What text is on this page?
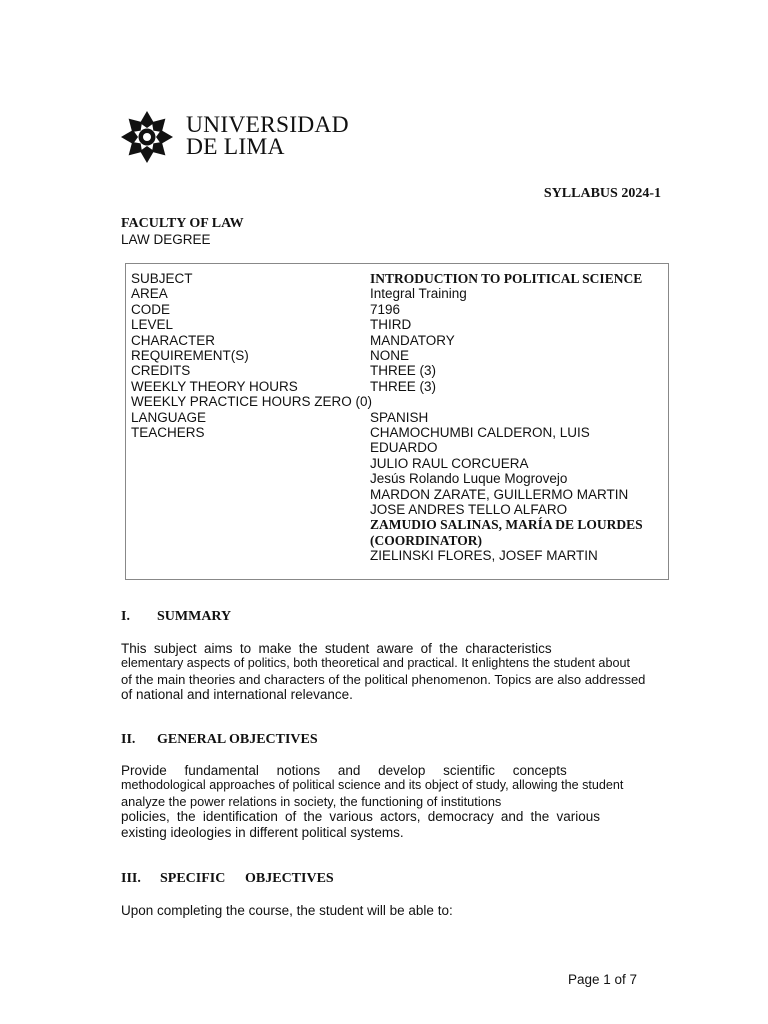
UNIVERSIDAD
DE LIMA
SYLLABUS 2024-1
FACULTY OF LAW
LAW DEGREE
SUBJECT
AREA
CODE
LEVEL
CHARACTER
REQUIREMENT(S)
CREDITS
WEEKLY THEORY HOURS
WEEKLY PRACTICE HOURS ZERO (0)
LANGUAGE
TEACHERS
INTRODUCTION TO POLITICAL SCIENCE
Integral Training
7196
THIRD
MANDATORY
NONE
THREE (3)
THREE (3)
SPANISH
CHAMOCHUMBI CALDERON, LUIS
EDUARDO
JULIO RAUL CORCUERA
Jesús Rolando Luque Mogrovejo
MARDON ZARATE, GUILLERMO MARTIN
JOSE ANDRES TELLO ALFARO
ZAMUDIO SALINAS, MARÍA DE LOURDES
(COORDINATOR)
ZIELINSKI FLORES, JOSEF MARTIN
I. SUMMARY
This subject aims to make the student aware of the characteristics
elementary aspects of politics, both theoretical and practical. It enlightens the student about
of the main theories and characters of the political phenomenon. Topics are also addressed
of national and international relevance.
II. GENERAL OBJECTIVES
Provide fundamental notions and develop scientific concepts
methodological approaches of political science and its object of study, allowing the student
analyze the power relations in society, the functioning of institutions
policies, the identification of the various actors, democracy and the various
existing ideologies in different political systems.
III. SPECIFIC OBJECTIVES
Upon completing the course, the student will be able to:
Page 1 of 7
